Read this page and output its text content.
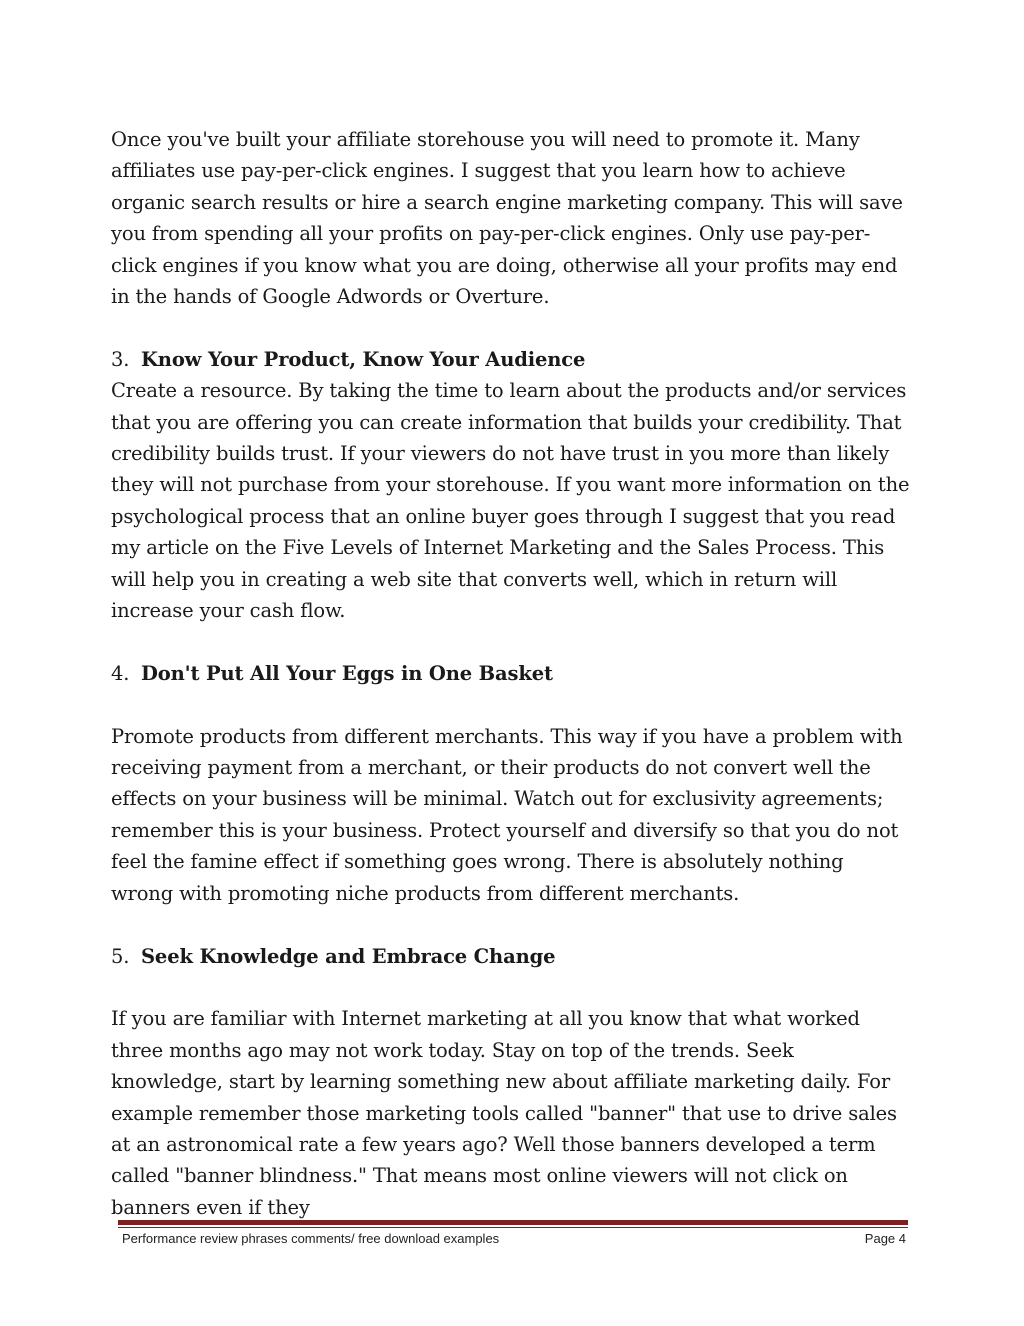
Once you've built your affiliate storehouse you will need to promote it. Many affiliates use pay-per-click engines. I suggest that you learn how to achieve organic search results or hire a search engine marketing company. This will save you from spending all your profits on pay-per-click engines. Only use pay-per-click engines if you know what you are doing, otherwise all your profits may end in the hands of Google Adwords or Overture.

3. Know Your Product, Know Your Audience

Create a resource. By taking the time to learn about the products and/or services that you are offering you can create information that builds your credibility. That credibility builds trust. If your viewers do not have trust in you more than likely they will not purchase from your storehouse. If you want more information on the psychological process that an online buyer goes through I suggest that you read my article on the Five Levels of Internet Marketing and the Sales Process. This will help you in creating a web site that converts well, which in return will increase your cash flow.

4. Don't Put All Your Eggs in One Basket

Promote products from different merchants. This way if you have a problem with receiving payment from a merchant, or their products do not convert well the effects on your business will be minimal. Watch out for exclusivity agreements; remember this is your business. Protect yourself and diversify so that you do not feel the famine effect if something goes wrong. There is absolutely nothing wrong with promoting niche products from different merchants.

5. Seek Knowledge and Embrace Change

If you are familiar with Internet marketing at all you know that what worked three months ago may not work today. Stay on top of the trends. Seek knowledge, start by learning something new about affiliate marketing daily. For example remember those marketing tools called "banner" that use to drive sales at an astronomical rate a few years ago? Well those banners developed a term called "banner blindness." That means most online viewers will not click on banners even if they

Performance review phrases comments/ free download examples	Page 4
